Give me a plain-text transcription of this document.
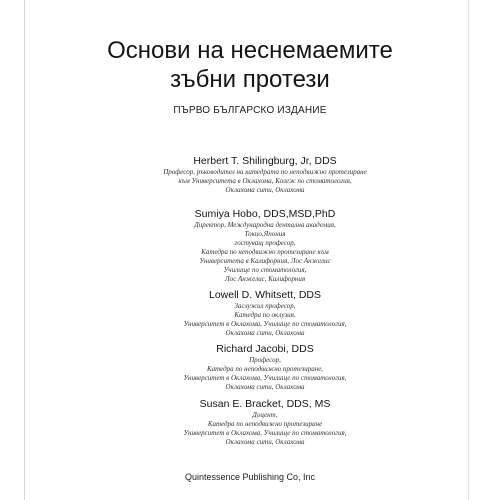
Основи на неснемаемите
зъбни протези
ПЪРВО БЪЛГАРСКО ИЗДАНИЕ
Herbert T. Shilingburg, Jr, DDS
Професор, ръководител на катедрата по неподвижно протезиране
към Университета в Оклахома, Колеж по стоматология,
Оклахома сити, Оклахома
Sumiya Hobo, DDS,MSD,PhD
Директор, Международна дентална академия,
Токио,Япония
гостуващ професор,
Катедра по неподвижно протезиране към
Университета в Калифорния, Лос Анжелис
Училище по стоматология,
Лос Анжелис, Калифорния
Lowell D. Whitsett, DDS
Заслужил професор,
Катедра по оклузия,
Университет в Оклахома, Училище по стоматология,
Оклахома сити, Оклахома
Richard Jacobi, DDS
Професор,
Катедра по неподвижно протезиране,
Университет в Оклахома, Училище по стоматология,
Оклахома сити, Оклахома
Susan E. Bracket, DDS, MS
Доцент,
Катедра по неподвижно протезиране
Университет в Оклахома, Училище по стоматология,
Оклахома сити, Оклахома
Quintessence Publishing Co, Inc
